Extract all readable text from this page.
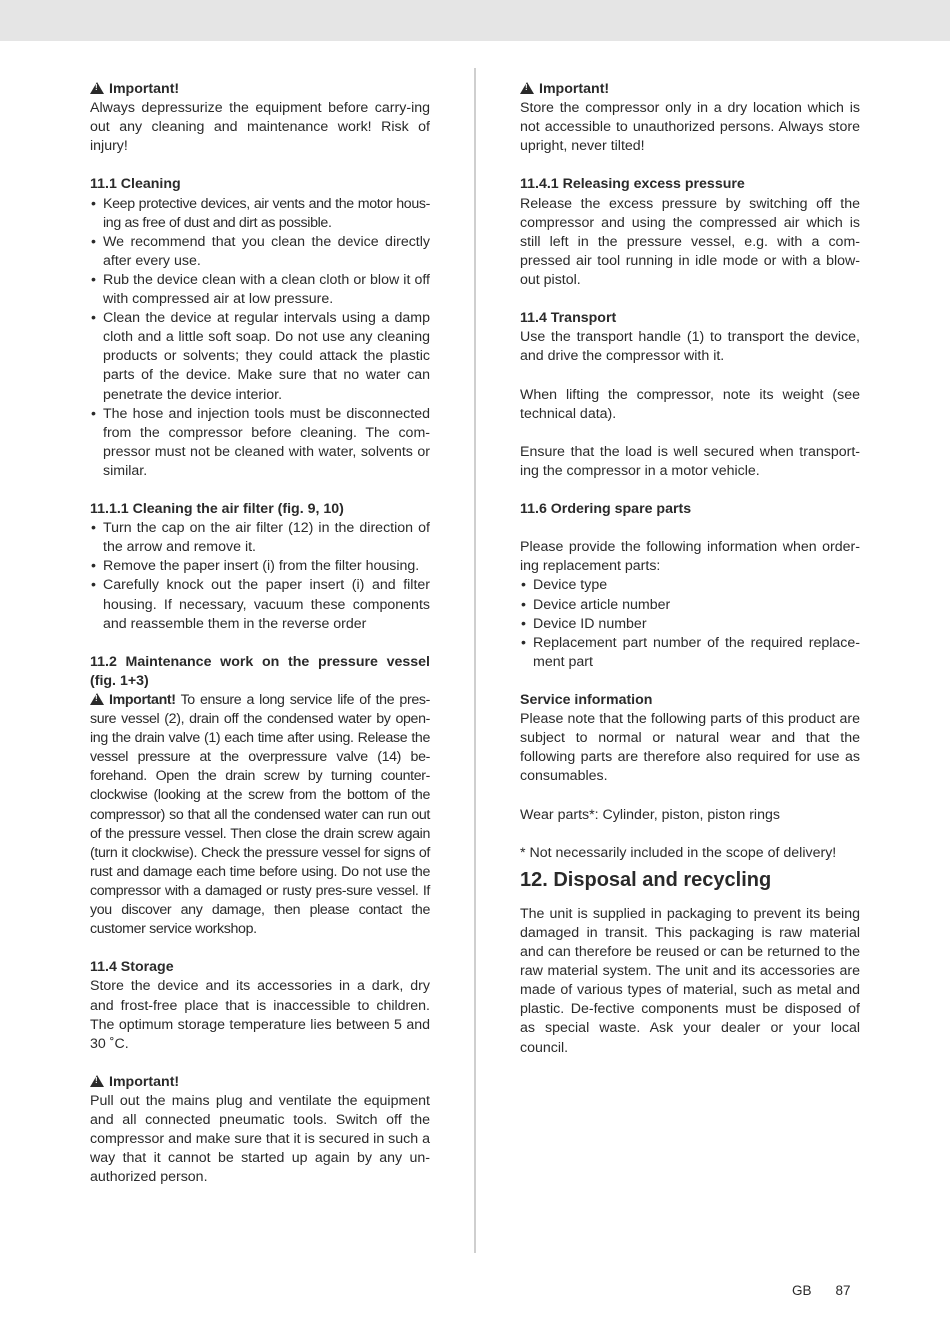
!Important!

Always depressurize the equipment before carry-ing out any cleaning and maintenance work! Risk of injury!

11.1 Cleaning

• Keep protective devices, air vents and the motor hous-ing as free of dust and dirt as possible.
• We recommend that you clean the device directly after every use.
• Rub the device clean with a clean cloth or blow it off with compressed air at low pressure.
• Clean the device at regular intervals using a damp cloth and a little soft soap. Do not use any cleaning products or solvents; they could attack the plastic parts of the device. Make sure that no water can penetrate the device interior.
• The hose and injection tools must be disconnected from the compressor before cleaning. The com-pressor must not be cleaned with water, solvents or similar.

11.1.1 Cleaning the air filter (fig. 9, 10)

• Turn the cap on the air filter (12) in the direction of the arrow and remove it.
• Remove the paper insert (i) from the filter housing.
• Carefully knock out the paper insert (i) and filter housing. If necessary, vacuum these components and reassemble them in the reverse order

11.2 Maintenance work on the pressure vessel (fig. 1+3)

!Important! To ensure a long service life of the pres-sure vessel (2), drain off the condensed water by open-ing the drain valve (1) each time after using. Release the vessel pressure at the overpressure valve (14) be-forehand. Open the drain screw by turning counter-clockwise (looking at the screw from the bottom of the compressor) so that all the condensed water can run out of the pressure vessel. Then close the drain screw again (turn it clockwise). Check the pressure vessel for signs of rust and damage each time before using. Do not use the compressor with a damaged or rusty pres-sure vessel. If you discover any damage, then please contact the customer service workshop.

11.4 Storage

Store the device and its accessories in a dark, dry and frost-free place that is inaccessible to children. The optimum storage temperature lies between 5 and 30 ˚C.

!Important!

Pull out the mains plug and ventilate the equipment and all connected pneumatic tools. Switch off the compressor and make sure that it is secured in such a way that it cannot be started up again by any un-authorized person.

!Important!

Store the compressor only in a dry location which is not accessible to unauthorized persons. Always store upright, never tilted!

11.4.1 Releasing excess pressure

Release the excess pressure by switching off the compressor and using the compressed air which is still left in the pressure vessel, e.g. with a com-pressed air tool running in idle mode or with a blow-out pistol.

11.4 Transport

Use the transport handle (1) to transport the device, and drive the compressor with it.

When lifting the compressor, note its weight (see technical data).

Ensure that the load is well secured when transport-ing the compressor in a motor vehicle.

11.6 Ordering spare parts

Please provide the following information when order-ing replacement parts:

• Device type
• Device article number
• Device ID number
• Replacement part number of the required replace-ment part

Service information

Please note that the following parts of this product are subject to normal or natural wear and that the following parts are therefore also required for use as consumables.

Wear parts*: Cylinder, piston, piston rings

* Not necessarily included in the scope of delivery!

12. Disposal and recycling

The unit is supplied in packaging to prevent its being damaged in transit. This packaging is raw material and can therefore be reused or can be returned to the raw material system. The unit and its accessories are made of various types of material, such as metal and plastic. De-fective components must be disposed of as special waste. Ask your dealer or your local council.

GB 87
